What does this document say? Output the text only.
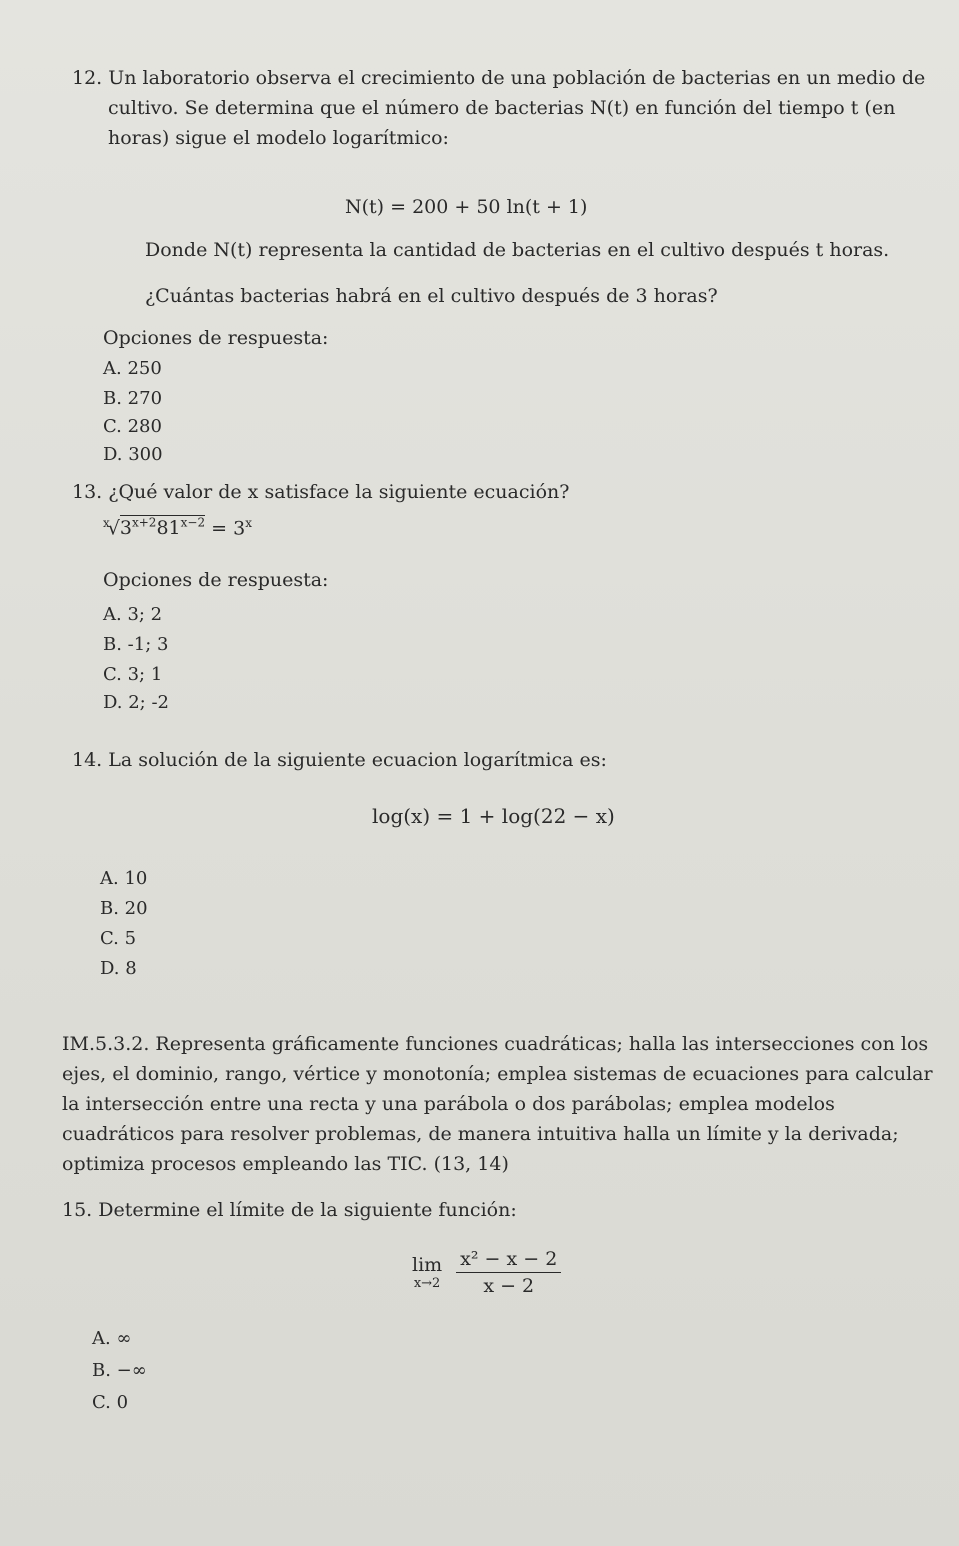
12. Un laboratorio observa el crecimiento de una población de bacterias en un medio de
cultivo. Se determina que el número de bacterias N(t) en función del tiempo t (en
horas) sigue el modelo logarítmico:
N(t) = 200 + 50 ln(t + 1)
Donde N(t) representa la cantidad de bacterias en el cultivo después t horas.
¿Cuántas bacterias habrá en el cultivo después de 3 horas?
Opciones de respuesta:
A. 250
B. 270
C. 280
D. 300
13. ¿Qué valor de x satisface la siguiente ecuación?
$^x√3^{x+2}81^{x-2} = 3^x$
Opciones de respuesta:
A. 3; 2
B. -1; 3
C. 3; 1
D. 2; -2
14. La solución de la siguiente ecuacion logarítmica es:
log(x) = 1 + log(22 − x)
A. 10
B. 20
C. 5
D. 8
IM.5.3.2. Representa gráficamente funciones cuadráticas; halla las intersecciones con los
ejes, el dominio, rango, vértice y monotonía; emplea sistemas de ecuaciones para calcular
la intersección entre una recta y una parábola o dos parábolas; emplea modelos
cuadráticos para resolver problemas, de manera intuitiva halla un límite y la derivada;
optimiza procesos empleando las TIC. (13, 14)
15. Determine el límite de la siguiente función:
lim
$x\to 2 \frac{\text{x² − x − 2}}{x - 2}$
A. ∞
B. −∞
C. 0
